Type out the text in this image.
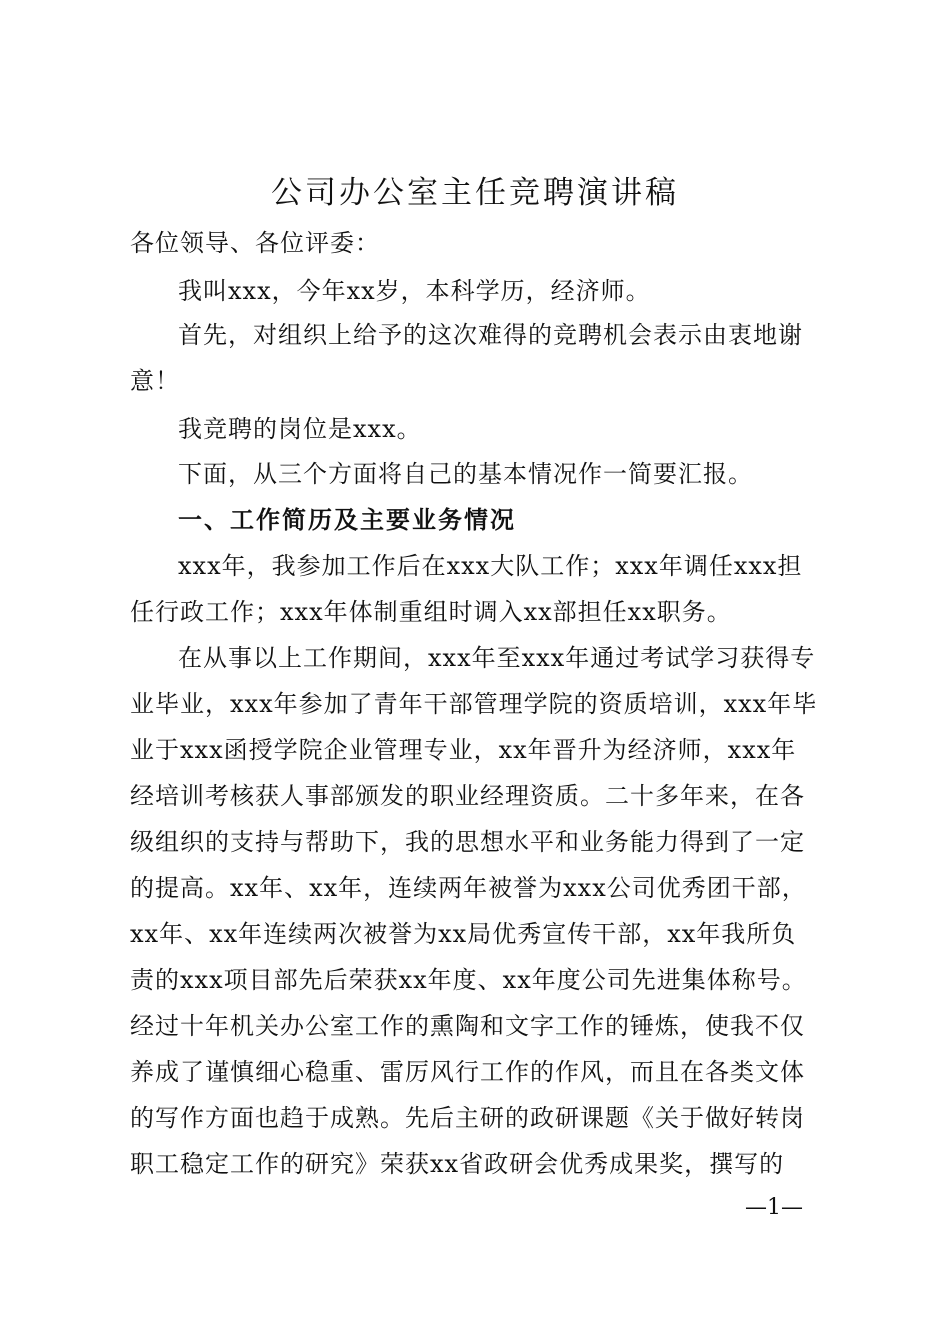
公司办公室主任竞聘演讲稿
各位领导、各位评委：
我叫xxx，今年xx岁，本科学历，经济师。
首先，对组织上给予的这次难得的竞聘机会表示由衷地谢
意！
我竞聘的岗位是xxx。
下面，从三个方面将自己的基本情况作一简要汇报。
一、工作简历及主要业务情况
xxx年，我参加工作后在xxx大队工作；xxx年调任xxx担
任行政工作；xxx年体制重组时调入xx部担任xx职务。
在从事以上工作期间，xxx年至xxx年通过考试学习获得专
业毕业，xxx年参加了青年干部管理学院的资质培训，xxx年毕
业于xxx函授学院企业管理专业，xx年晋升为经济师，xxx年
经培训考核获人事部颁发的职业经理资质。二十多年来，在各
级组织的支持与帮助下，我的思想水平和业务能力得到了一定
的提高。xx年、xx年，连续两年被誉为xxx公司优秀团干部，
xx年、xx年连续两次被誉为xx局优秀宣传干部，xx年我所负
责的xxx项目部先后荣获xx年度、xx年度公司先进集体称号。
经过十年机关办公室工作的熏陶和文字工作的锤炼，使我不仅
养成了谨慎细心稳重、雷厉风行工作的作风，而且在各类文体
的写作方面也趋于成熟。先后主研的政研课题《关于做好转岗
职工稳定工作的研究》荣获xx省政研会优秀成果奖，撰写的
—1—
